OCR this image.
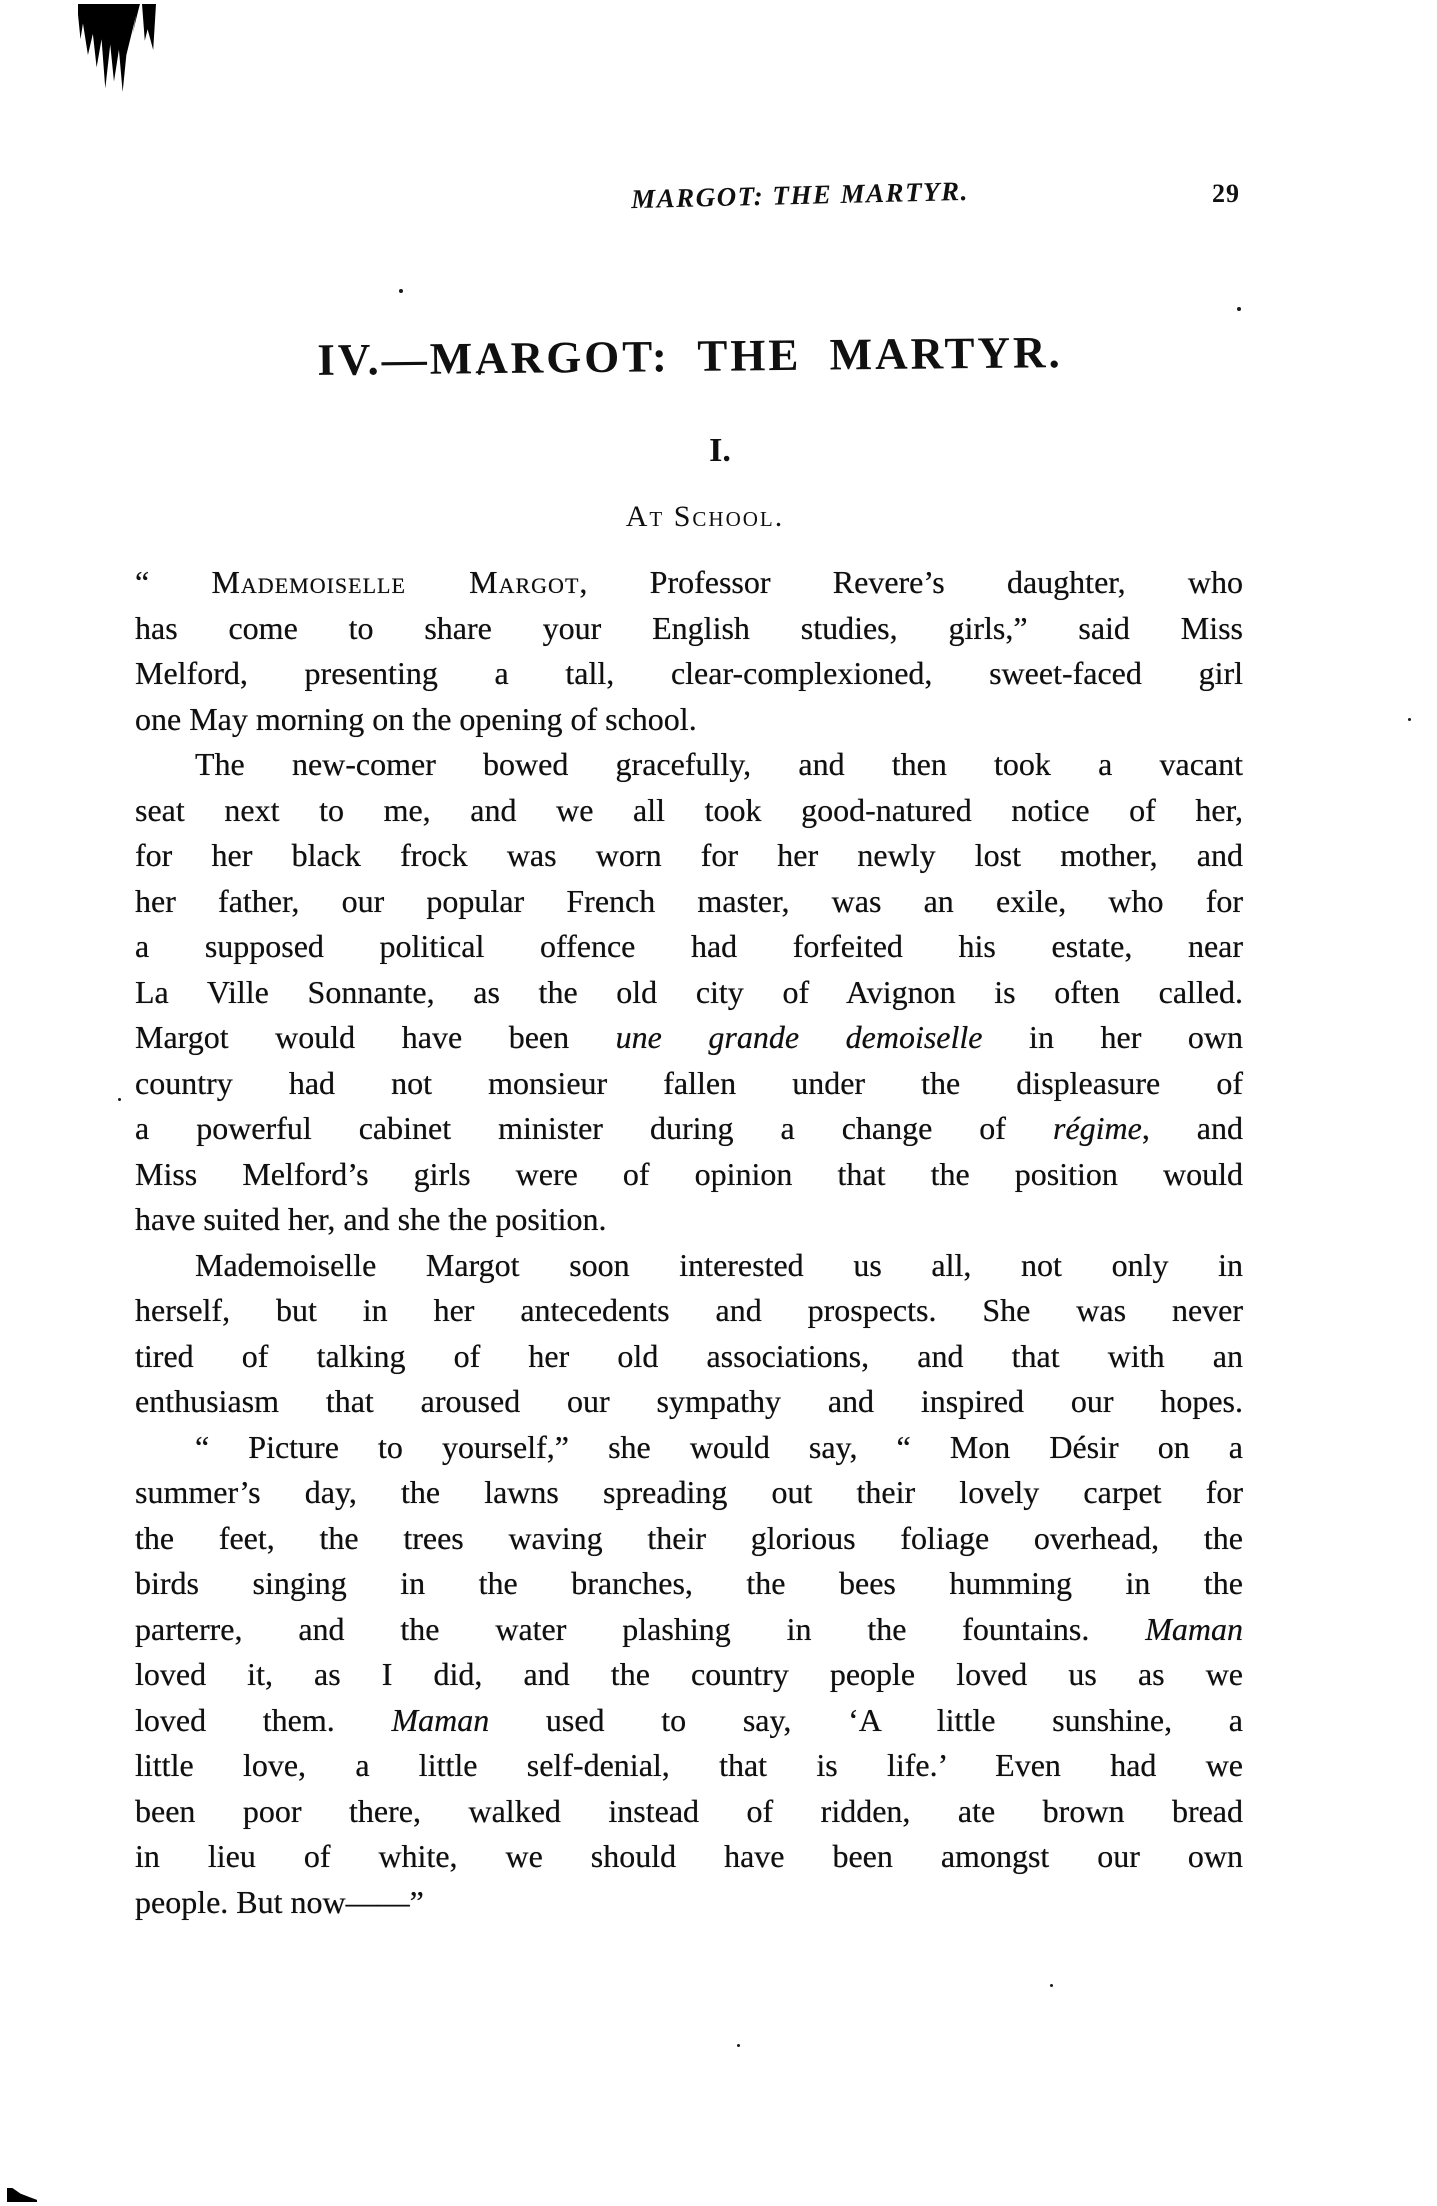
MARGOT: THE MARTYR.	29
IV.—MARGOT: THE MARTYR.
I.
At School.
“ Mademoiselle Margot, Professor Revere’s daughter, who
has come to share your English studies, girls,” said Miss
Melford, presenting a tall, clear-complexioned, sweet-faced girl
one May morning on the opening of school.
The new-comer bowed gracefully, and then took a vacant
seat next to me, and we all took good-natured notice of her,
for her black frock was worn for her newly lost mother, and
her father, our popular French master, was an exile, who for
a supposed political offence had forfeited his estate, near
La Ville Sonnante, as the old city of Avignon is often called.
Margot would have been une grande demoiselle in her own
country had not monsieur fallen under the displeasure of
a powerful cabinet minister during a change of régime, and
Miss Melford’s girls were of opinion that the position would
have suited her, and she the position.
Mademoiselle Margot soon interested us all, not only in
herself, but in her antecedents and prospects. She was never
tired of talking of her old associations, and that with an
enthusiasm that aroused our sympathy and inspired our hopes.
“ Picture to yourself,” she would say, “ Mon Désir on a
summer’s day, the lawns spreading out their lovely carpet for
the feet, the trees waving their glorious foliage overhead, the
birds singing in the branches, the bees humming in the
parterre, and the water plashing in the fountains. Maman
loved it, as I did, and the country people loved us as we
loved them. Maman used to say, ‘A little sunshine, a
little love, a little self-denial, that is life.’ Even had we
been poor there, walked instead of ridden, ate brown bread
in lieu of white, we should have been amongst our own
people. But now——”
